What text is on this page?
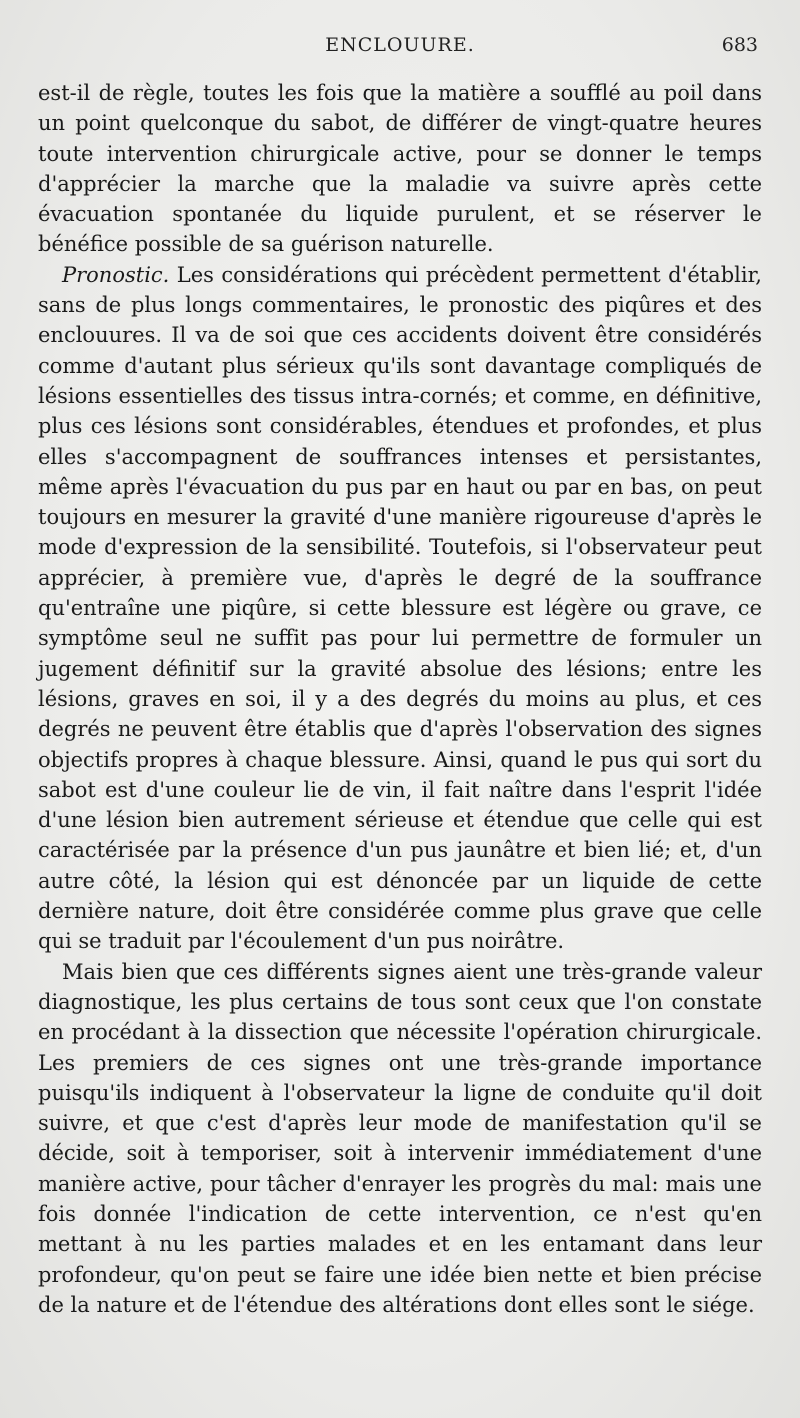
ENCLOUURE.	683

est-il de règle, toutes les fois que la matière a soufflé au poil dans un point quelconque du sabot, de différer de vingt-quatre heures toute intervention chirurgicale active, pour se donner le temps d'apprécier la marche que la maladie va suivre après cette évacuation spontanée du liquide purulent, et se réserver le bénéfice possible de sa guérison naturelle.

Pronostic. Les considérations qui précèdent permettent d'établir, sans de plus longs commentaires, le pronostic des piqûres et des enclouures. Il va de soi que ces accidents doivent être considérés comme d'autant plus sérieux qu'ils sont davantage compliqués de lésions essentielles des tissus intra-cornés; et comme, en définitive, plus ces lésions sont considérables, étendues et profondes, et plus elles s'accompagnent de souffrances intenses et persistantes, même après l'évacuation du pus par en haut ou par en bas, on peut toujours en mesurer la gravité d'une manière rigoureuse d'après le mode d'expression de la sensibilité. Toutefois, si l'observateur peut apprécier, à première vue, d'après le degré de la souffrance qu'entraîne une piqûre, si cette blessure est légère ou grave, ce symptôme seul ne suffit pas pour lui permettre de formuler un jugement définitif sur la gravité absolue des lésions; entre les lésions, graves en soi, il y a des degrés du moins au plus, et ces degrés ne peuvent être établis que d'après l'observation des signes objectifs propres à chaque blessure. Ainsi, quand le pus qui sort du sabot est d'une couleur lie de vin, il fait naître dans l'esprit l'idée d'une lésion bien autrement sérieuse et étendue que celle qui est caractérisée par la présence d'un pus jaunâtre et bien lié; et, d'un autre côté, la lésion qui est dénoncée par un liquide de cette dernière nature, doit être considérée comme plus grave que celle qui se traduit par l'écoulement d'un pus noirâtre.

Mais bien que ces différents signes aient une très-grande valeur diagnostique, les plus certains de tous sont ceux que l'on constate en procédant à la dissection que nécessite l'opération chirurgicale. Les premiers de ces signes ont une très-grande importance puisqu'ils indiquent à l'observateur la ligne de conduite qu'il doit suivre, et que c'est d'après leur mode de manifestation qu'il se décide, soit à temporiser, soit à intervenir immédiatement d'une manière active, pour tâcher d'enrayer les progrès du mal: mais une fois donnée l'indication de cette intervention, ce n'est qu'en mettant à nu les parties malades et en les entamant dans leur profondeur, qu'on peut se faire une idée bien nette et bien précise de la nature et de l'étendue des altérations dont elles sont le siége.
